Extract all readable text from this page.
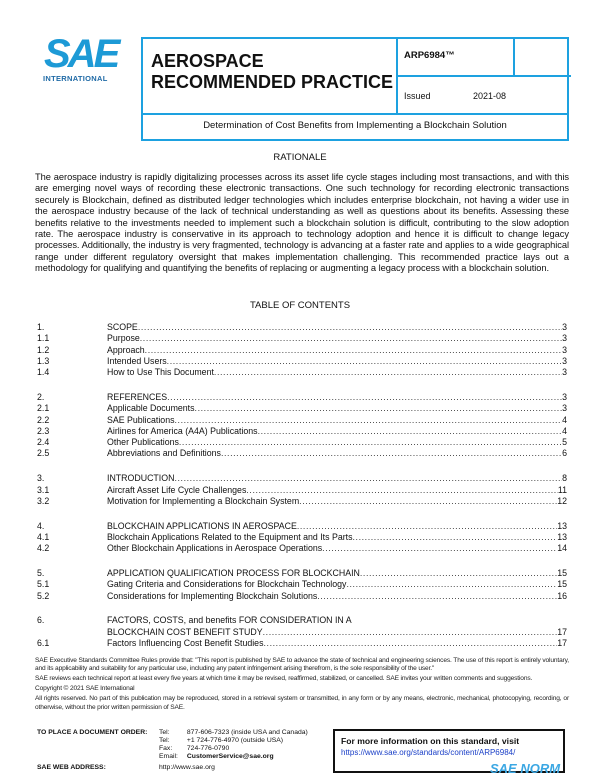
SAE
INTERNATIONAL
AEROSPACE
RECOMMENDED PRACTICE
ARP6984™
Issued	2021-08
Determination of Cost Benefits from Implementing a Blockchain Solution
RATIONALE
The aerospace industry is rapidly digitalizing processes across its asset life cycle stages including most transactions, and with this are emerging novel ways of recording these electronic transactions. One such technology for recording electronic transactions securely is Blockchain, defined as distributed ledger technologies which includes enterprise blockchain, not having a wider use in the aerospace industry because of the lack of technical understanding as well as questions about its benefits. Assessing these benefits relative to the investments needed to implement such a blockchain solution is difficult, contributing to the slow adoption rate. The aerospace industry is conservative in its approach to technology adoption and hence it is difficult to change legacy processes. Additionally, the industry is very fragmented, technology is advancing at a faster rate and applies to a wide geographical range under different regulatory oversight that makes implementation challenging. This recommended practice lays out a methodology for qualifying and quantifying the benefits of replacing or augmenting a legacy process with a blockchain solution.
TABLE OF CONTENTS
1.	SCOPE .....	3
1.1	Purpose .....	3
1.2	Approach .....	3
1.3	Intended Users .....	3
1.4	How to Use This Document .....	3
2.	REFERENCES .....	3
2.1	Applicable Documents .....	3
2.2	SAE Publications .....	4
2.3	Airlines for America (A4A) Publications .....	4
2.4	Other Publications .....	5
2.5	Abbreviations and Definitions .....	6
3.	INTRODUCTION .....	8
3.1	Aircraft Asset Life Cycle Challenges .....	11
3.2	Motivation for Implementing a Blockchain System .....	12
4.	BLOCKCHAIN APPLICATIONS IN AEROSPACE .....	13
4.1	Blockchain Applications Related to the Equipment and Its Parts .....	13
4.2	Other Blockchain Applications in Aerospace Operations .....	14
5.	APPLICATION QUALIFICATION PROCESS FOR BLOCKCHAIN .....	15
5.1	Gating Criteria and Considerations for Blockchain Technology .....	15
5.2	Considerations for Implementing Blockchain Solutions .....	16
6.	FACTORS, COSTS, and benefits FOR CONSIDERATION IN A
BLOCKCHAIN COST BENEFIT STUDY .....	17
6.1	Factors Influencing Cost Benefit Studies .....	17

SAE Executive Standards Committee Rules provide that: "This report is published by SAE to advance the state of technical and engineering sciences. The use of this report is entirely voluntary, and its applicability and suitability for any particular use, including any patent infringement arising therefrom, is the sole responsibility of the user."

SAE reviews each technical report at least every five years at which time it may be revised, reaffirmed, stabilized, or cancelled. SAE invites your written comments and suggestions.

Copyright © 2021 SAE International

All rights reserved. No part of this publication may be reproduced, stored in a retrieval system or transmitted, in any form or by any means, electronic, mechanical, photocopying, recording, or otherwise, without the prior written permission of SAE.

TO PLACE A DOCUMENT ORDER: Tel:	877-606-7323 (inside USA and Canada)
Tel:	+1 724-776-4970 (outside USA)
Fax: 724-776-0790
Email: CustomerService@sae.org
SAE WEB ADDRESS:	http://www.sae.org
For more information on this standard, visit
https://www.sae.org/standards/content/ARP6984/
SAE NORM
